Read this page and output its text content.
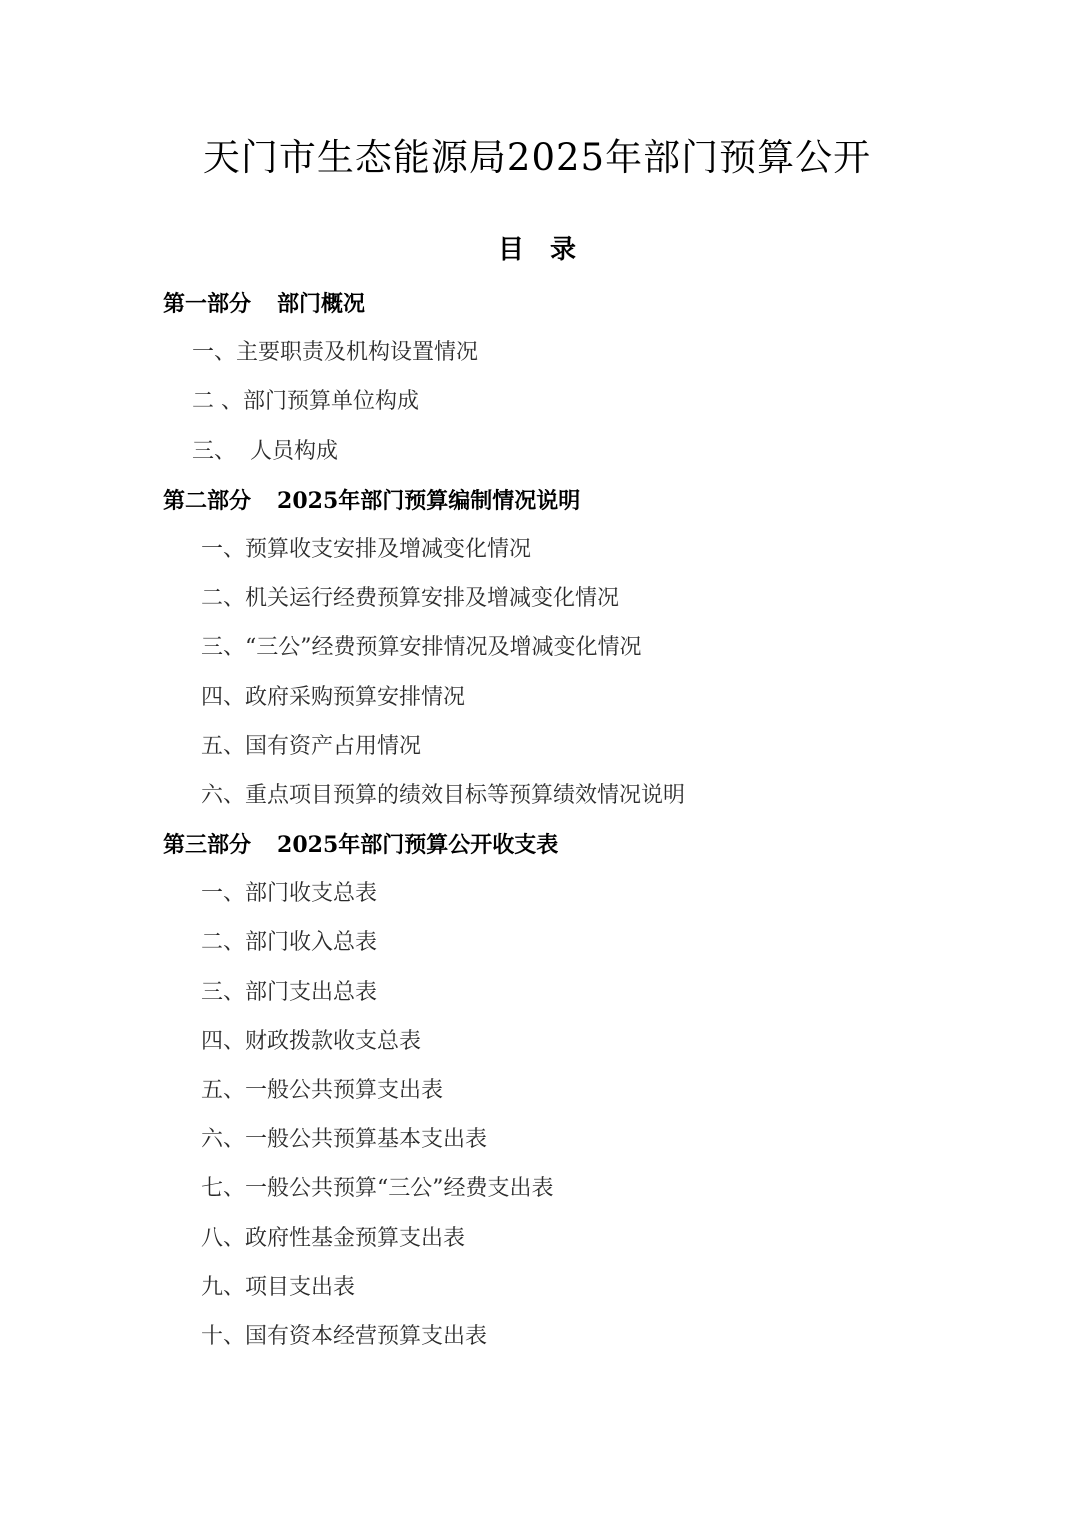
天门市生态能源局2025年部门预算公开
目　录
第一部分 部门概况
一、主要职责及机构设置情况
二 、部门预算单位构成
三、  人员构成
第二部分 2025年部门预算编制情况说明
一、预算收支安排及增减变化情况
二、机关运行经费预算安排及增减变化情况
三、“三公”经费预算安排情况及增减变化情况
四、政府采购预算安排情况
五、国有资产占用情况
六、重点项目预算的绩效目标等预算绩效情况说明
第三部分 2025年部门预算公开收支表
一、部门收支总表
二、部门收入总表
三、部门支出总表
四、财政拨款收支总表
五、一般公共预算支出表
六、一般公共预算基本支出表
七、一般公共预算“三公”经费支出表
八、政府性基金预算支出表
九、项目支出表
十、国有资本经营预算支出表
